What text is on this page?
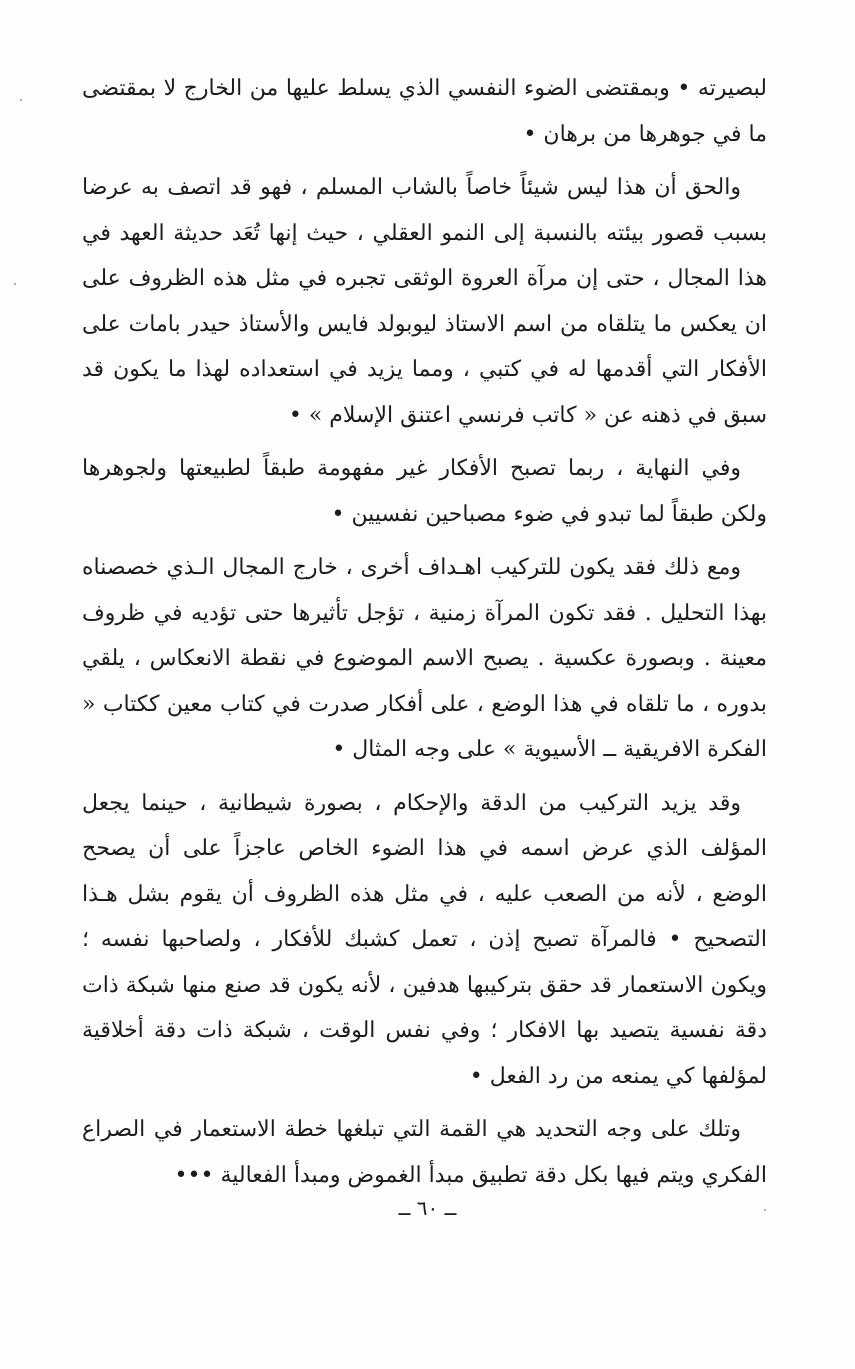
لبصيرته • وبمقتضى الضوء النفسي الذي يسلط عليها من الخارج لا بمقتضى ما في جوهرها من برهان •

والحق أن هذا ليس شيئاً خاصاً بالشاب المسلم ، فهو قد اتصف به عرضا بسبب قصور بيئته بالنسبة إلى النمو العقلي ، حيث إنها تُعَد حديثة العهد في هذا المجال ، حتى إن مرآة العروة الوثقى تجبره في مثل هذه الظروف على ان يعكس ما يتلقاه من اسم الاستاذ ليوبولد فايس والأستاذ حيدر بامات على الأفكار التي أقدمها له في كتبي ، ومما يزيد في استعداده لهذا ما يكون قد سبق في ذهنه عن « كاتب فرنسي اعتنق الإسلام » •

وفي النهاية ، ربما تصبح الأفكار غير مفهومة طبقاً لطبيعتها ولجوهرها ولكن طبقاً لما تبدو في ضوء مصباحين نفسيين •

ومع ذلك فقد يكون للتركيب اهـداف أخرى ، خارج المجال الـذي خصصناه بهذا التحليل . فقد تكون المرآة زمنية ، تؤجل تأثيرها حتى تؤديه في ظروف معينة . وبصورة عكسية . يصبح الاسم الموضوع في نقطة الانعكاس ، يلقي بدوره ، ما تلقاه في هذا الوضع ، على أفكار صدرت في كتاب معين ككتاب « الفكرة الافريقية ــ الأسيوية » على وجه المثال •

وقد يزيد التركيب من الدقة والإحكام ، بصورة شيطانية ، حينما يجعل المؤلف الذي عرض اسمه في هذا الضوء الخاص عاجزاً على أن يصحح الوضع ، لأنه من الصعب عليه ، في مثل هذه الظروف أن يقوم بشل هـذا التصحيح • فالمرآة تصبح إذن ، تعمل كشبك للأفكار ، ولصاحبها نفسه ؛ ويكون الاستعمار قد حقق بتركيبها هدفين ، لأنه يكون قد صنع منها شبكة ذات دقة نفسية يتصيد بها الافكار ؛ وفي نفس الوقت ، شبكة ذات دقة أخلاقية لمؤلفها كي يمنعه من رد الفعل •

وتلك على وجه التحديد هي القمة التي تبلغها خطة الاستعمار في الصراع الفكري ويتم فيها بكل دقة تطبيق مبدأ الغموض ومبدأ الفعالية •••

ــ ٦٠ ــ
